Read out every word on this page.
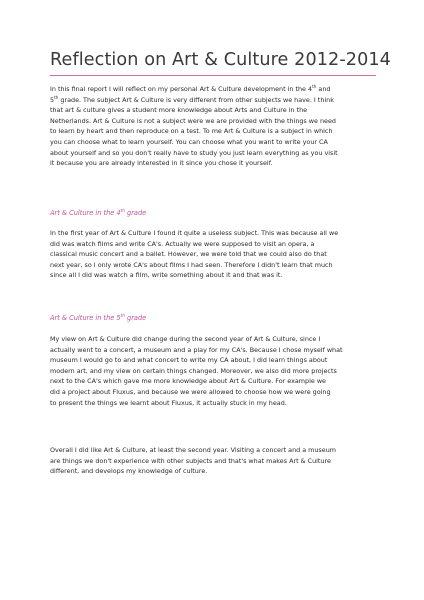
Reflection on Art & Culture 2012-2014

In this final report I will reflect on my personal Art & Culture development in the 4th and
5th grade. The subject Art & Culture is very different from other subjects we have. I think
that art & culture gives a student more knowledge about Arts and Culture in the
Netherlands. Art & Culture is not a subject were we are provided with the things we need
to learn by heart and then reproduce on a test. To me Art & Culture is a subject in which
you can choose what to learn yourself. You can choose what you want to write your CA
about yourself and so you don't really have to study you just learn everything as you visit
it because you are already interested in it since you chose it yourself.

Art & Culture in the 4th grade

In the first year of Art & Culture I found it quite a useless subject. This was because all we
did was watch films and write CA's. Actually we were supposed to visit an opera, a
classical music concert and a ballet. However, we were told that we could also do that
next year, so I only wrote CA's about films I had seen. Therefore I didn't learn that much
since all I did was watch a film, write something about it and that was it.

Art & Culture in the 5th grade

My view on Art & Culture did change during the second year of Art & Culture, since I
actually went to a concert, a museum and a play for my CA's. Because I chose myself what
museum I would go to and what concert to write my CA about, I did learn things about
modern art, and my view on certain things changed. Moreover, we also did more projects
next to the CA's which gave me more knowledge about Art & Culture. For example we
did a project about Fluxus, and because we were allowed to choose how we were going
to present the things we learnt about Fluxus, it actually stuck in my head.

Overall I did like Art & Culture, at least the second year. Visiting a concert and a museum
are things we don't experience with other subjects and that's what makes Art & Culture
different, and develops my knowledge of culture.
